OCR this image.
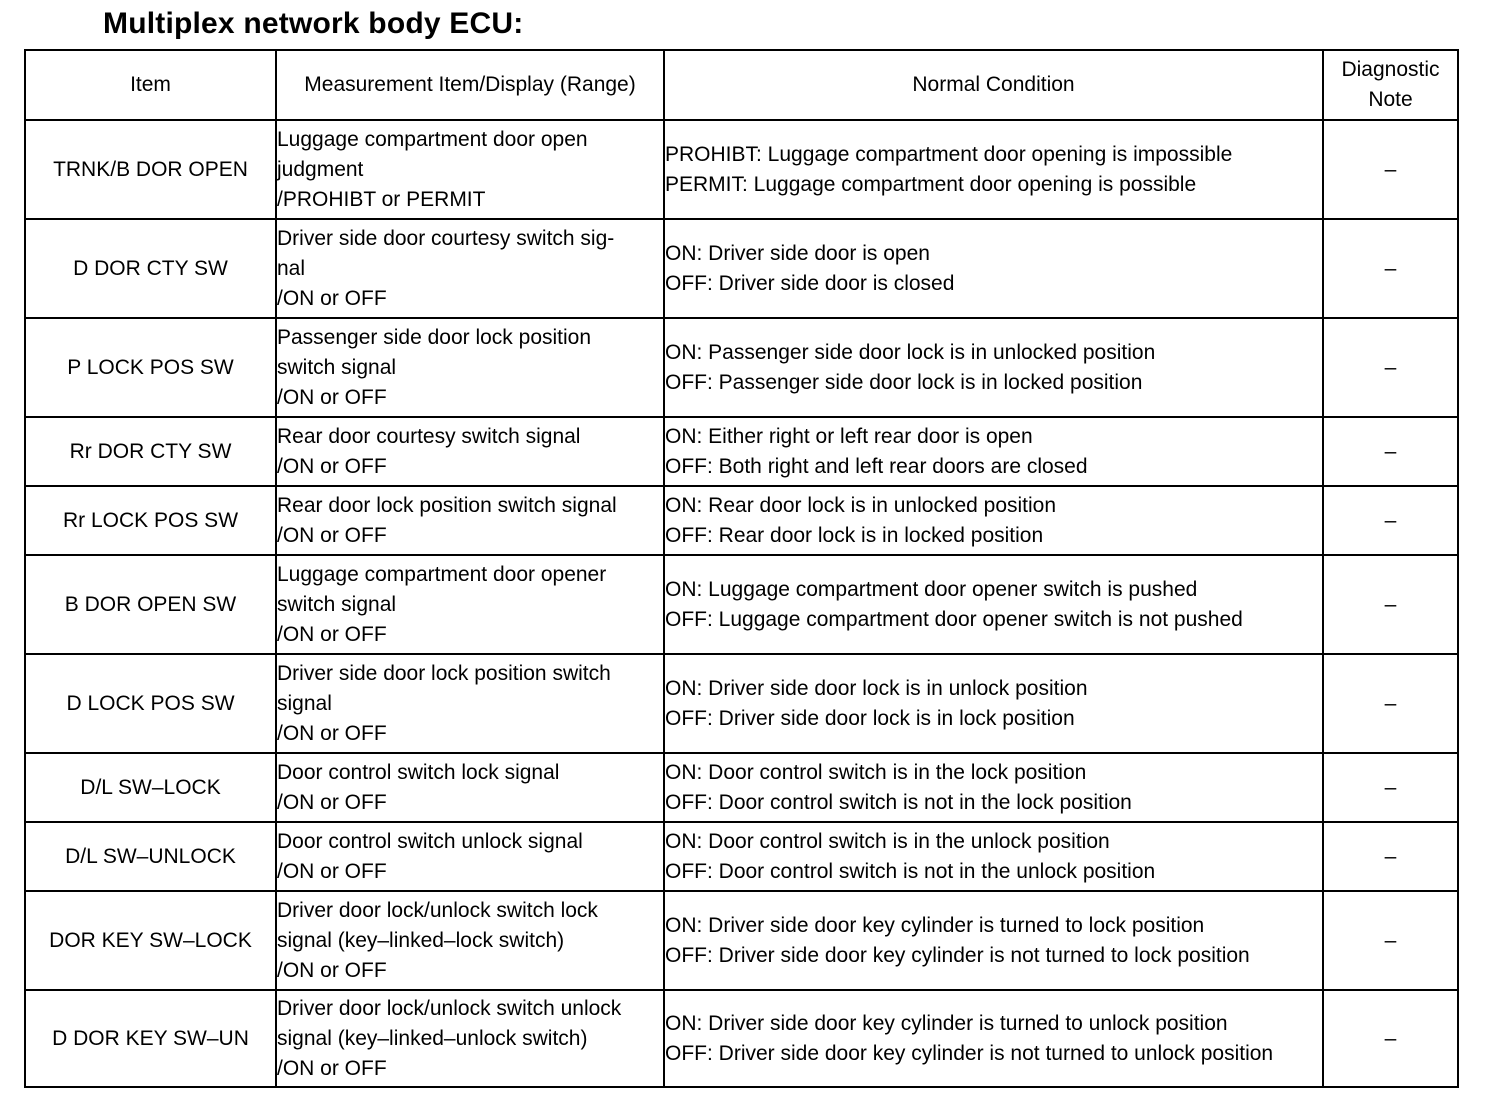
Multiplex network body ECU:
Item	Measurement Item/Display (Range)	Normal Condition	Diagnostic
Note

TRNK/B DOR OPEN	Luggage compartment door open
judgment
/PROHIBT or PERMIT	PROHIBT: Luggage compartment door opening is impossible
PERMIT: Luggage compartment door opening is possible	–
D DOR CTY SW	Driver side door courtesy switch sig-
nal
/ON or OFF	ON: Driver side door is open
OFF: Driver side door is closed	–
P LOCK POS SW	Passenger side door lock position
switch signal
/ON or OFF	ON: Passenger side door lock is in unlocked position
OFF: Passenger side door lock is in locked position	–
Rr DOR CTY SW	Rear door courtesy switch signal
/ON or OFF	ON: Either right or left rear door is open
OFF: Both right and left rear doors are closed	–
Rr LOCK POS SW	Rear door lock position switch signal
/ON or OFF	ON: Rear door lock is in unlocked position
OFF: Rear door lock is in locked position	–
B DOR OPEN SW	Luggage compartment door opener
switch signal
/ON or OFF	ON: Luggage compartment door opener switch is pushed
OFF: Luggage compartment door opener switch is not pushed	–
D LOCK POS SW	Driver side door lock position switch
signal
/ON or OFF	ON: Driver side door lock is in unlock position
OFF: Driver side door lock is in lock position	–
D/L SW–LOCK	Door control switch lock signal
/ON or OFF	ON: Door control switch is in the lock position
OFF: Door control switch is not in the lock position	–
D/L SW–UNLOCK	Door control switch unlock signal
/ON or OFF	ON: Door control switch is in the unlock position
OFF: Door control switch is not in the unlock position	–
DOR KEY SW–LOCK	Driver door lock/unlock switch lock
signal (key–linked–lock switch)
/ON or OFF	ON: Driver side door key cylinder is turned to lock position
OFF: Driver side door key cylinder is not turned to lock position	–
D DOR KEY SW–UN	Driver door lock/unlock switch unlock
signal (key–linked–unlock switch)
/ON or OFF	ON: Driver side door key cylinder is turned to unlock position
OFF: Driver side door key cylinder is not turned to unlock position	–
